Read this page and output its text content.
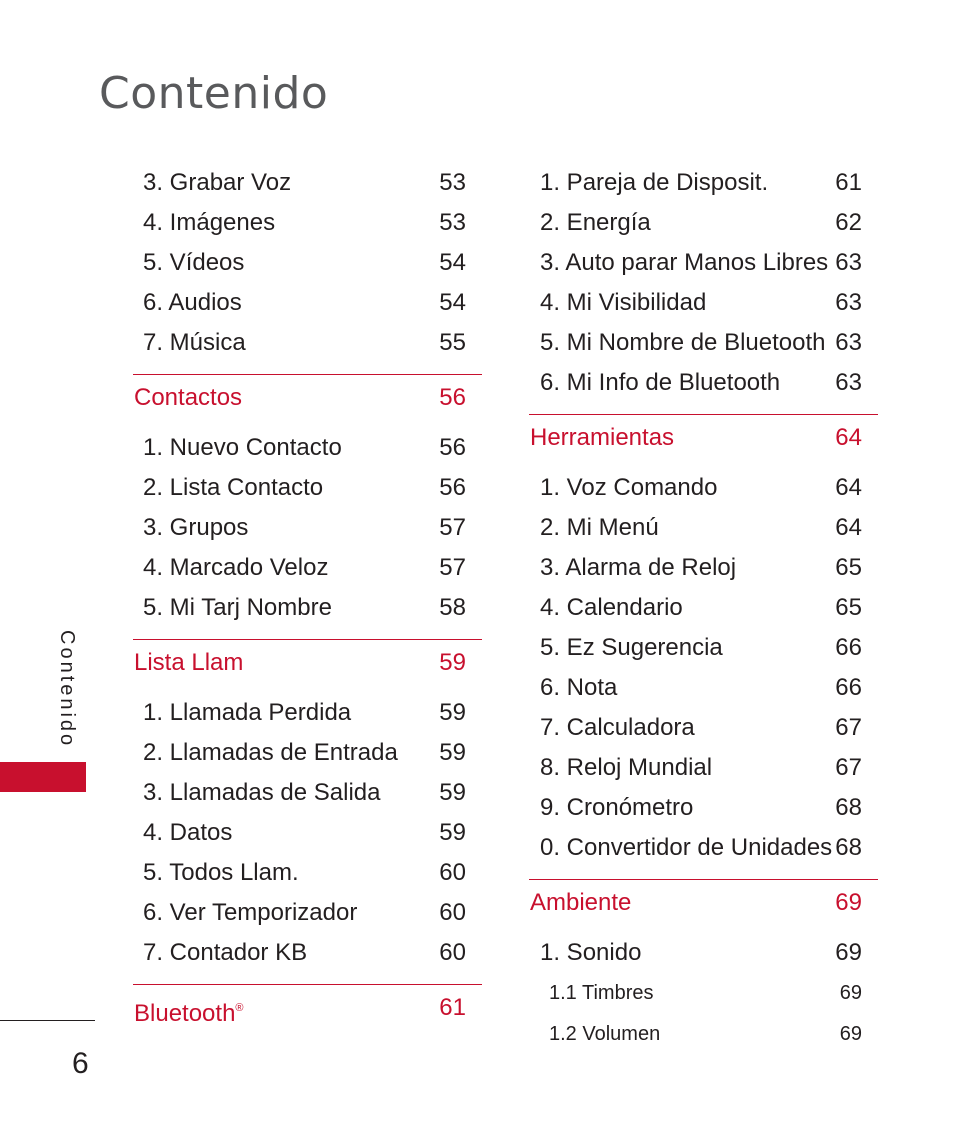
Contenido
Contenido
6
3. Grabar Voz	53
4. Imágenes	53
5. Vídeos	54
6. Audios	54
7. Música	55
Contactos	56
1. Nuevo Contacto	56
2. Lista Contacto	56
3. Grupos	57
4. Marcado Veloz	57
5. Mi Tarj Nombre	58
Lista Llam	59
1. Llamada Perdida	59
2. Llamadas de Entrada 59
3. Llamadas de Salida 59
4. Datos	59
5. Todos Llam.	60
6. Ver Temporizador	60
7. Contador KB	60
Bluetooth®	61
1. Pareja de Disposit.	61
2. Energía	62
3. Auto parar Manos Libres 63
4. Mi Visibilidad	63
5. Mi Nombre de Bluetooth 63
6. Mi Info de Bluetooth 63
Herramientas	64
1. Voz Comando	64
2. Mi Menú	64
3. Alarma de Reloj	65
4. Calendario	65
5. Ez Sugerencia	66
6. Nota	66
7. Calculadora	67
8. Reloj Mundial	67
9. Cronómetro	68
0. Convertidor de Unidades 68
Ambiente	69
1. Sonido	69
1.1 Timbres	69
1.2 Volumen	69
